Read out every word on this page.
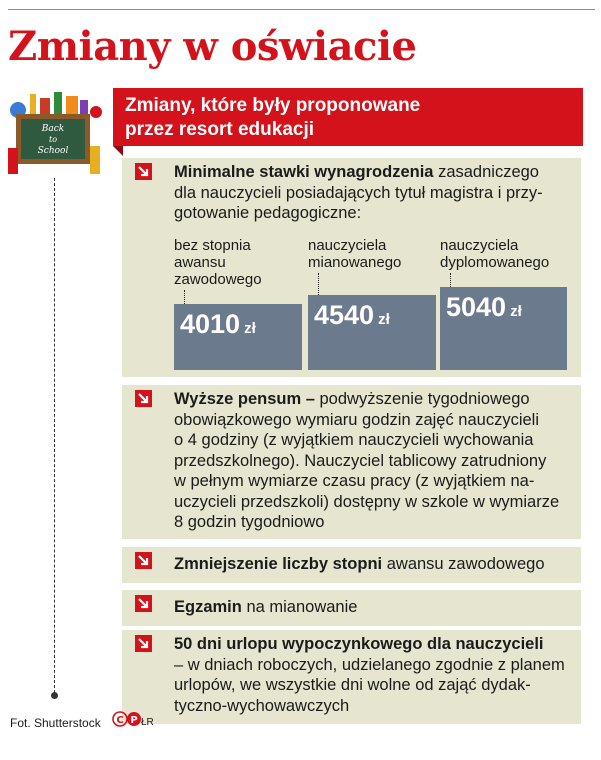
Zmiany w oświacie
Back
to
School
Zmiany, które były proponowane
przez resort edukacji
Minimalne stawki wynagrodzenia zasadniczego
dla nauczycieli posiadających tytuł magistra i przy-
gotowanie pedagogiczne:
bez stopnia
awansu
zawodowego
4010 zł
nauczyciela
mianowanego
4540 zł
nauczyciela
dyplomowanego
5040 zł
Wyższe pensum – podwyższenie tygodniowego
obowiązkowego wymiaru godzin zajęć nauczycieli
o 4 godziny (z wyjątkiem nauczycieli wychowania
przedszkolnego). Nauczyciel tablicowy zatrudniony
w pełnym wymiarze czasu pracy (z wyjątkiem na-
uczycieli przedszkoli) dostępny w szkole w wymiarze
8 godzin tygodniowo
Zmniejszenie liczby stopni awansu zawodowego
Egzamin na mianowanie
50 dni urlopu wypoczynkowego dla nauczycieli
– w dniach roboczych, udzielanego zgodnie z planem
urlopów, we wszystkie dni wolne od zająć dydak-
tyczno-wychowawczych
Fot. Shutterstock C P ŁR
